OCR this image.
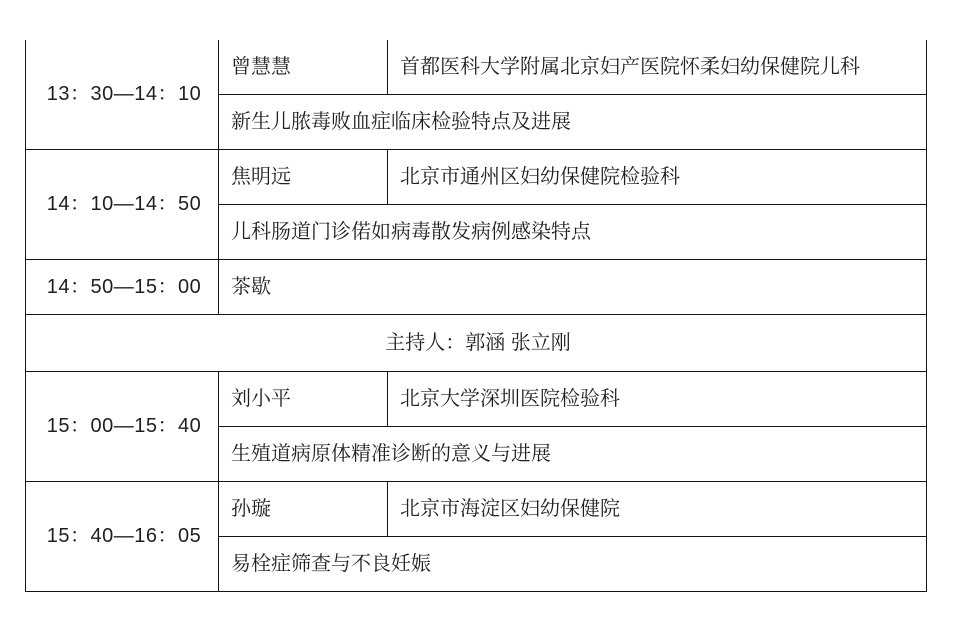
13：30—14：10	曾慧慧	首都医科大学附属北京妇产医院怀柔妇幼保健院儿科
	新生儿脓毒败血症临床检验特点及进展	
14：10—14：50	焦明远	北京市通州区妇幼保健院检验科
	儿科肠道门诊偌如病毒散发病例感染特点	
14：50—15：00	茶歇	
主持人：郭涵 张立刚		
15：00—15：40	刘小平	北京大学深圳医院检验科
	生殖道病原体精准诊断的意义与进展	
15：40—16：05	孙璇	北京市海淀区妇幼保健院
	易栓症筛查与不良妊娠	
